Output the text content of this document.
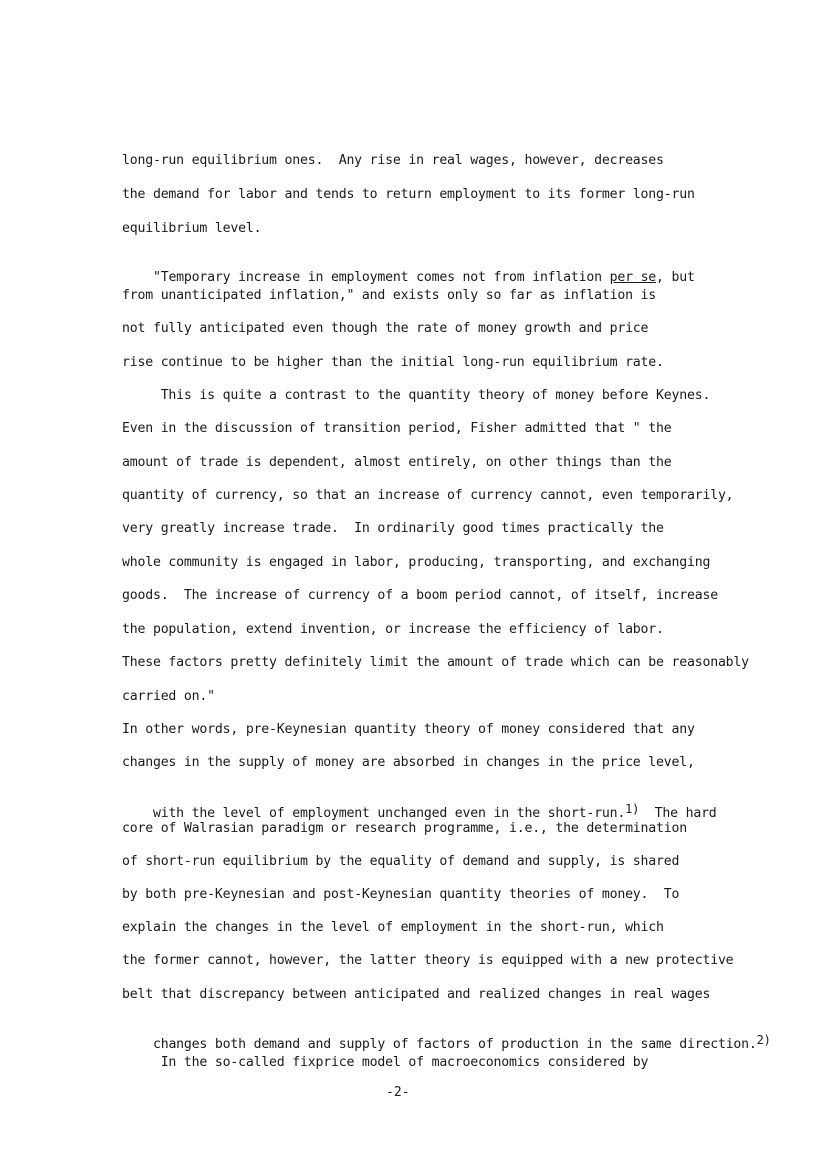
long-run equilibrium ones.  Any rise in real wages, however, decreases
the demand for labor and tends to return employment to its former long-run
equilibrium level.

"Temporary increase in employment comes not from inflation per se, but

from unanticipated inflation," and exists only so far as inflation is
not fully anticipated even though the rate of money growth and price
rise continue to be higher than the initial long-run equilibrium rate.
This is quite a contrast to the quantity theory of money before Keynes.
Even in the discussion of transition period, Fisher admitted that " the
amount of trade is dependent, almost entirely, on other things than the
quantity of currency, so that an increase of currency cannot, even temporarily,
very greatly increase trade.  In ordinarily good times practically the
whole community is engaged in labor, producing, transporting, and exchanging
goods.  The increase of currency of a boom period cannot, of itself, increase
the population, extend invention, or increase the efficiency of labor.
These factors pretty definitely limit the amount of trade which can be reasonably
carried on."
In other words, pre-Keynesian quantity theory of money considered that any
changes in the supply of money are absorbed in changes in the price level,

with the level of employment unchanged even in the short-run.$^{1)}$  The hard

core of Walrasian paradigm or research programme, i.e., the determination
of short-run equilibrium by the equality of demand and supply, is shared
by both pre-Keynesian and post-Keynesian quantity theories of money.  To
explain the changes in the level of employment in the short-run, which
the former cannot, however, the latter theory is equipped with a new protective
belt that discrepancy between anticipated and realized changes in real wages

changes both demand and supply of factors of production in the same direction.$^{2)}$

In the so-called fixprice model of macroeconomics considered by
-2-
